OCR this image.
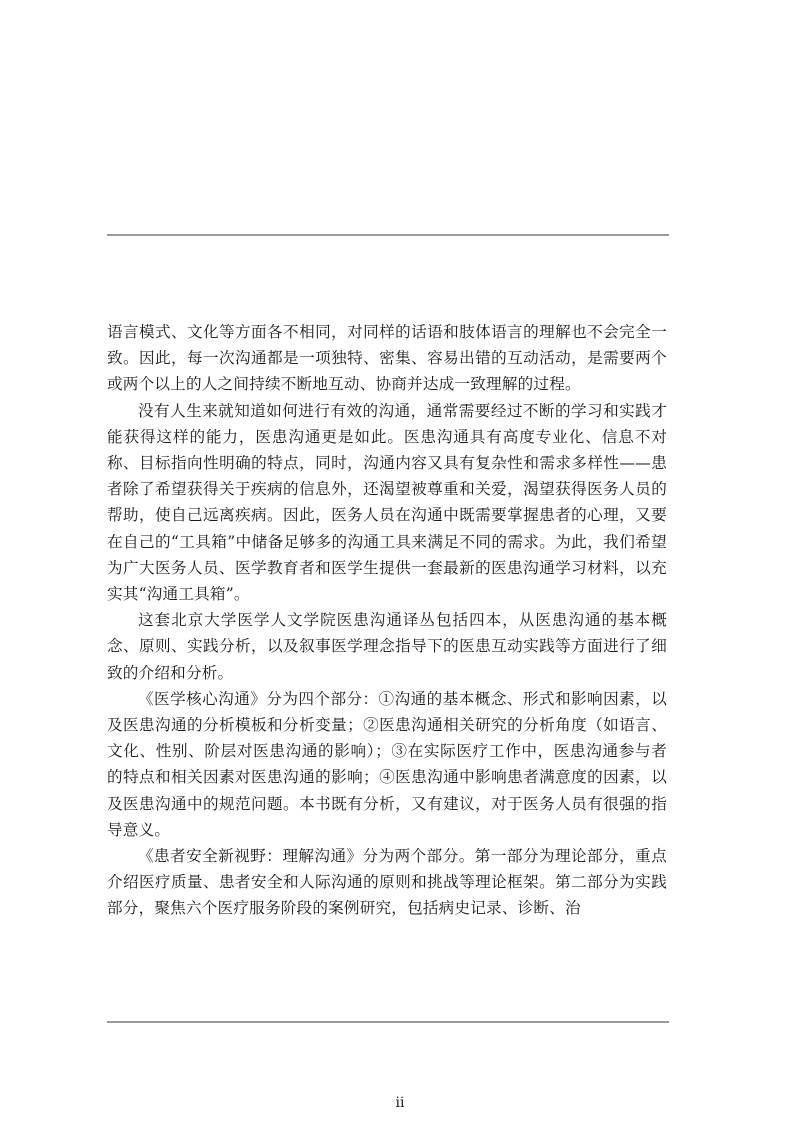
语言模式、文化等方面各不相同，对同样的话语和肢体语言的理解也不会完全一致。因此，每一次沟通都是一项独特、密集、容易出错的互动活动，是需要两个或两个以上的人之间持续不断地互动、协商并达成一致理解的过程。

没有人生来就知道如何进行有效的沟通，通常需要经过不断的学习和实践才能获得这样的能力，医患沟通更是如此。医患沟通具有高度专业化、信息不对称、目标指向性明确的特点，同时，沟通内容又具有复杂性和需求多样性——患者除了希望获得关于疾病的信息外，还渴望被尊重和关爱，渴望获得医务人员的帮助，使自己远离疾病。因此，医务人员在沟通中既需要掌握患者的心理，又要在自己的“工具箱”中储备足够多的沟通工具来满足不同的需求。为此，我们希望为广大医务人员、医学教育者和医学生提供一套最新的医患沟通学习材料，以充实其“沟通工具箱”。

这套北京大学医学人文学院医患沟通译丛包括四本，从医患沟通的基本概念、原则、实践分析，以及叙事医学理念指导下的医患互动实践等方面进行了细致的介绍和分析。

《医学核心沟通》分为四个部分：①沟通的基本概念、形式和影响因素，以及医患沟通的分析模板和分析变量；②医患沟通相关研究的分析角度（如语言、文化、性别、阶层对医患沟通的影响）；③在实际医疗工作中，医患沟通参与者的特点和相关因素对医患沟通的影响；④医患沟通中影响患者满意度的因素，以及医患沟通中的规范问题。本书既有分析，又有建议，对于医务人员有很强的指导意义。

《患者安全新视野：理解沟通》分为两个部分。第一部分为理论部分，重点介绍医疗质量、患者安全和人际沟通的原则和挑战等理论框架。第二部分为实践部分，聚焦六个医疗服务阶段的案例研究，包括病史记录、诊断、治

ii
